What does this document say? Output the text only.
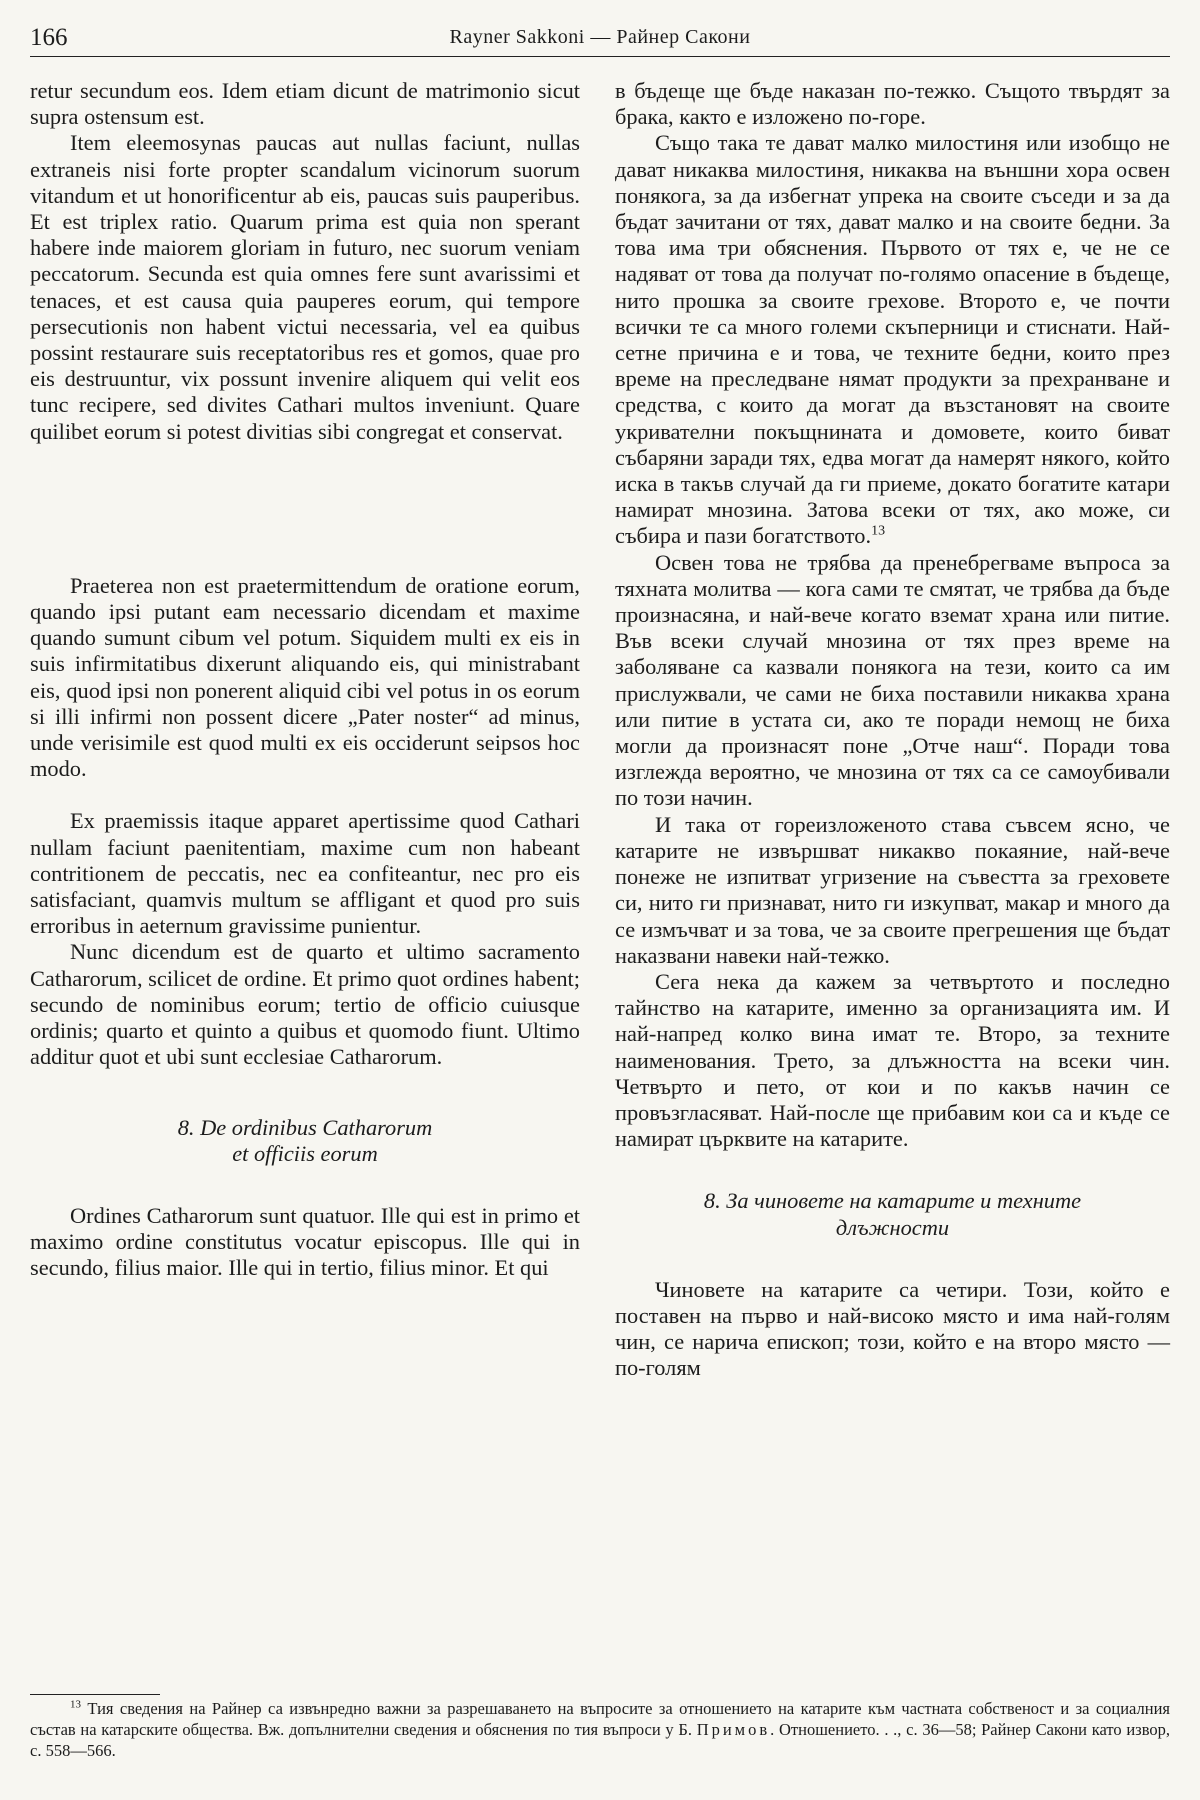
166	Rayner Sakkoni — Райнер Сакони

retur secundum eos. Idem etiam dicunt de matrimonio sicut supra ostensum est.

Item eleemosynas paucas aut nullas faciunt, nullas extraneis nisi forte propter scandalum vicinorum suorum vitandum et ut honorificentur ab eis, paucas suis pauperibus. Et est triplex ratio. Quarum prima est quia non sperant habere inde maiorem gloriam in futuro, nec suorum veniam peccatorum. Secunda est quia omnes fere sunt avarissimi et tenaces, et est causa quia pauperes eorum, qui tempore persecutionis non habent victui necessaria, vel ea quibus possint restaurare suis receptatoribus res et gomos, quae pro eis destruuntur, vix possunt invenire aliquem qui velit eos tunc recipere, sed divites Cathari multos inveniunt. Quare quilibet eorum si potest divitias sibi congregat et conservat.

Praeterea non est praetermittendum de oratione eorum, quando ipsi putant eam necessario dicendam et maxime quando sumunt cibum vel potum. Siquidem multi ex eis in suis infirmitatibus dixerunt aliquando eis, qui ministrabant eis, quod ipsi non ponerent aliquid cibi vel potus in os eorum si illi infirmi non possent dicere „Pater noster“ ad minus, unde verisimile est quod multi ex eis occiderunt seipsos hoc modo.

Ex praemissis itaque apparet apertissime quod Cathari nullam faciunt paenitentiam, maxime cum non habeant contritionem de peccatis, nec ea confiteantur, nec pro eis satisfaciant, quamvis multum se affligant et quod pro suis erroribus in aeternum gravissime punientur.

Nunc dicendum est de quarto et ultimo sacramento Catharorum, scilicet de ordine. Et primo quot ordines habent; secundo de nominibus eorum; tertio de officio cuiusque ordinis; quarto et quinto a quibus et quomodo fiunt. Ultimo additur quot et ubi sunt ecclesiae Catharorum.

8. De ordinibus Catharorum
et officiis eorum

Ordines Catharorum sunt quatuor. Ille qui est in primo et maximo ordine constitutus vocatur episcopus. Ille qui in secundo, filius maior. Ille qui in tertio, filius minor. Et qui

в бъдеще ще бъде наказан по-тежко. Същото твърдят за брака, както е изложено по-горе.

Също така те дават малко милостиня или изобщо не дават никаква милостиня, никаква на външни хора освен понякога, за да избегнат упрека на своите съседи и за да бъдат зачитани от тях, дават малко и на своите бедни. За това има три обяснения. Първото от тях е, че не се надяват от това да получат по-голямо опасение в бъдеще, нито прошка за своите грехове. Второто е, че почти всички те са много големи скъперници и стиснати. Най-сетне причина е и това, че техните бедни, които през време на преследване нямат продукти за прехранване и средства, с които да могат да възстановят на своите укривателни покъщнината и домовете, които биват събаряни заради тях, едва могат да намерят някого, който иска в такъв случай да ги приеме, докато богатите катари намират мнозина. Затова всеки от тях, ако може, си събира и пази богатството.$^{13}$

Освен това не трябва да пренебрегваме въпроса за тяхната молитва — кога сами те смятат, че трябва да бъде произнасяна, и най-вече когато вземат храна или питие. Във всеки случай мнозина от тях през време на заболяване са казвали понякога на тези, които са им прислужвали, че сами не биха поставили никаква храна или питие в устата си, ако те поради немощ не биха могли да произнасят поне „Отче наш“. Поради това изглежда вероятно, че мнозина от тях са се самоубивали по този начин.

И така от гореизложеното става съвсем ясно, че катарите не извършват никакво покаяние, най-вече понеже не изпитват угризение на съвестта за греховете си, нито ги признават, нито ги изкупват, макар и много да се измъчват и за това, че за своите прегрешения ще бъдат наказвани навеки най-тежко.

Сега нека да кажем за четвъртото и последно тайнство на катарите, именно за организацията им. И най-напред колко вина имат те. Второ, за техните наименования. Трето, за длъжността на всеки чин. Четвърто и пето, от кои и по какъв начин се провъзгласяват. Най-после ще прибавим кои са и къде се намират църквите на катарите.

8. За чиновете на катарите и техните
длъжности

Чиновете на катарите са четири. Този, който е поставен на първо и най-високо място и има най-голям чин, се нарича епископ; този, който е на второ място — по-голям

$^{13}$ Тия сведения на Райнер са извънредно важни за разрешаването на въпросите за отношението на катарите към частната собственост и за социалния състав на катарските общества. Вж. допълнителни сведения и обяснения по тия въпроси у Б. Примов. Отношението. . ., с. 36—58; Райнер Сакони като извор, с. 558—566.
